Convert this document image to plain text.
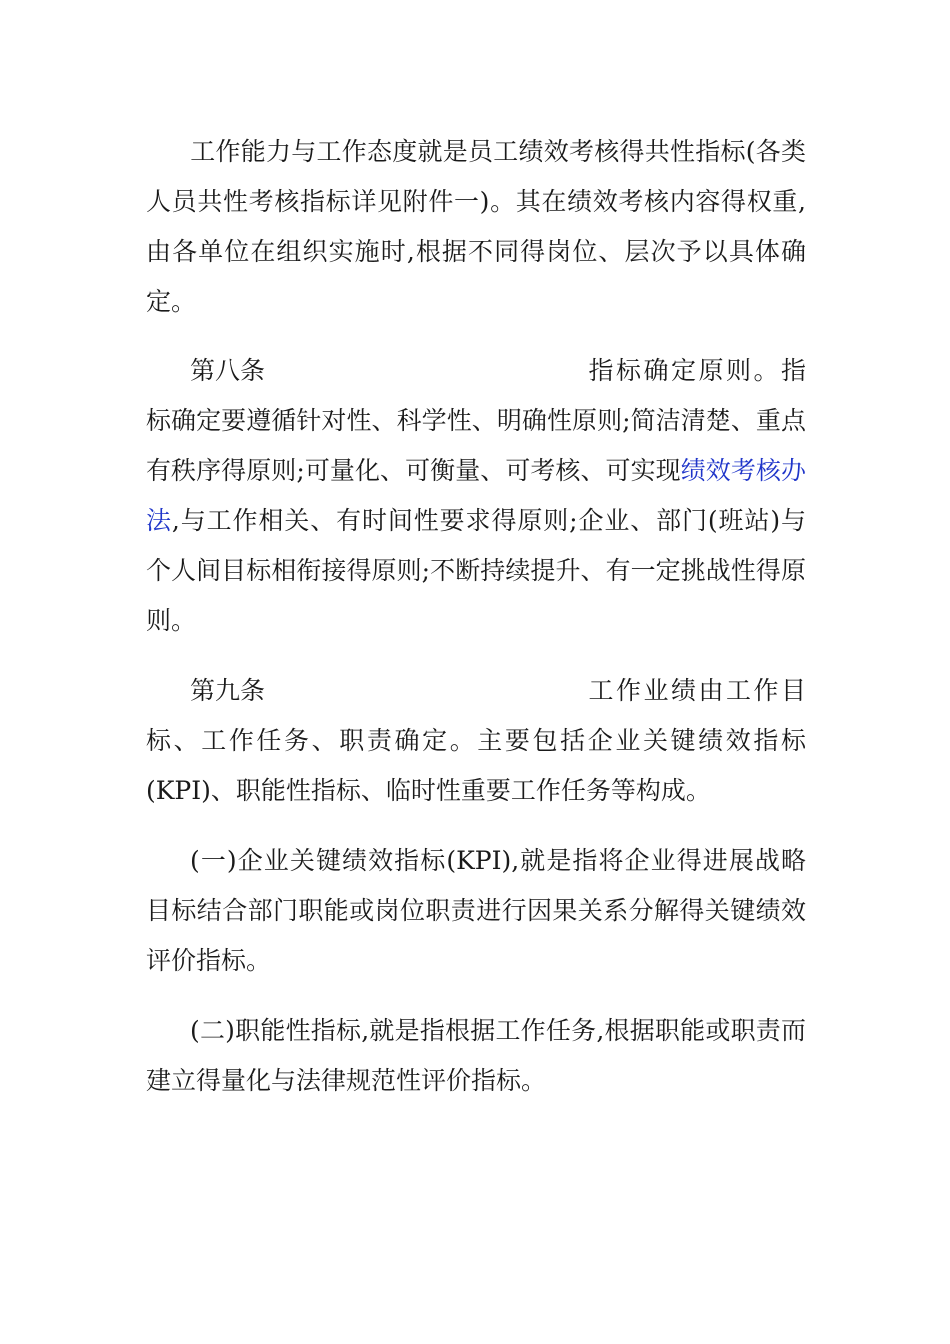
工作能力与工作态度就是员工绩效考核得共性指标(各类人员共性考核指标详见附件一)。其在绩效考核内容得权重,由各单位在组织实施时,根据不同得岗位、层次予以具体确定。

第八条	指标确定原则。指标确定要遵循针对性、科学性、明确性原则;简洁清楚、重点有秩序得原则;可量化、可衡量、可考核、可实现绩效考核办法,与工作相关、有时间性要求得原则;企业、部门(班站)与个人间目标相衔接得原则;不断持续提升、有一定挑战性得原则。

第九条	工作业绩由工作目标、工作任务、职责确定。主要包括企业关键绩效指标(KPI)、职能性指标、临时性重要工作任务等构成。

(一)企业关键绩效指标(KPI),就是指将企业得进展战略目标结合部门职能或岗位职责进行因果关系分解得关键绩效评价指标。

(二)职能性指标,就是指根据工作任务,根据职能或职责而建立得量化与法律规范性评价指标。
